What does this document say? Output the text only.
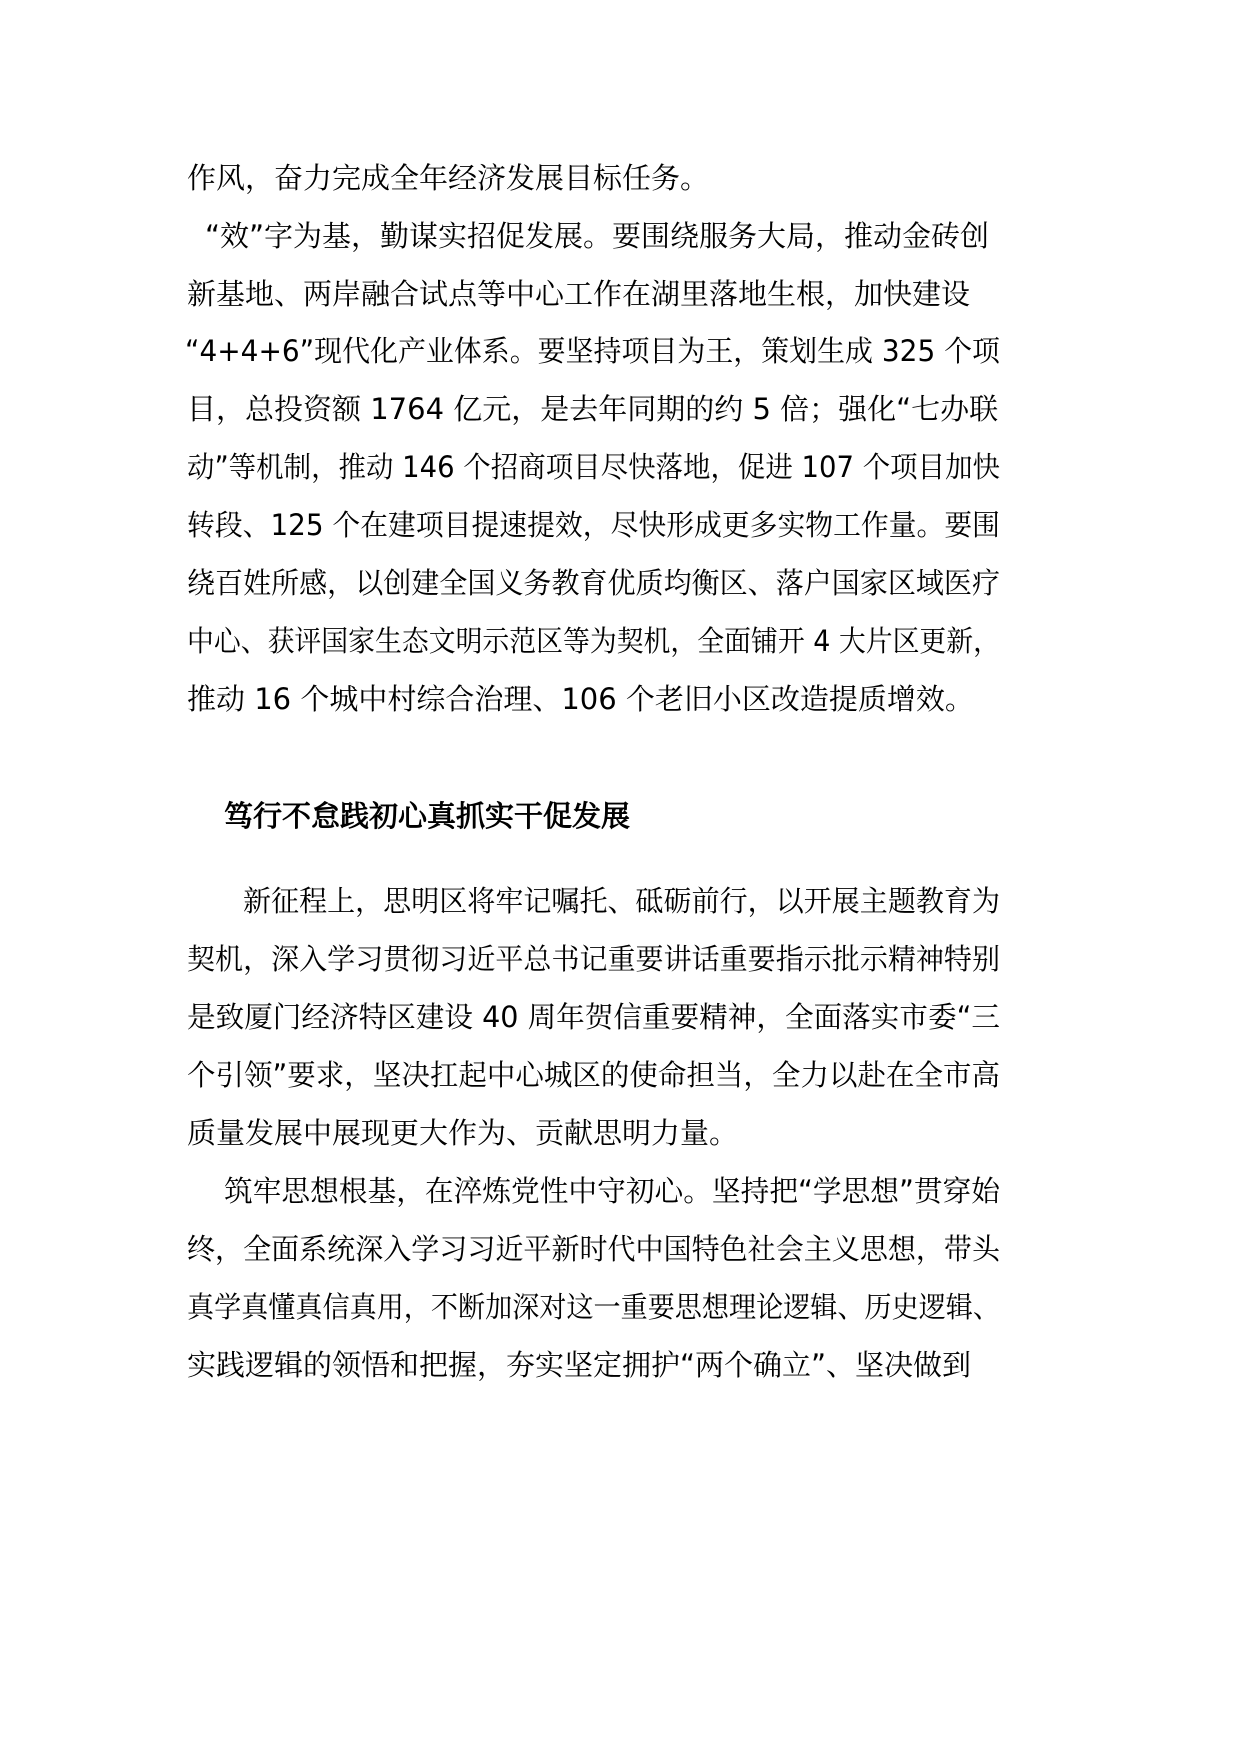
作风，奋力完成全年经济发展目标任务。

“效”字为基，勤谋实招促发展。要围绕服务大局，推动金砖创

新基地、两岸融合试点等中心工作在湖里落地生根，加快建设

“4+4+6”现代化产业体系。要坚持项目为王，策划生成 325 个项

目，总投资额 1764 亿元，是去年同期的约 5 倍；强化“七办联

动”等机制，推动 146 个招商项目尽快落地，促进 107 个项目加快

转段、125 个在建项目提速提效，尽快形成更多实物工作量。要围

绕百姓所感，以创建全国义务教育优质均衡区、落户国家区域医疗

中心、获评国家生态文明示范区等为契机，全面铺开 4 大片区更新，

推动 16 个城中村综合治理、106 个老旧小区改造提质增效。

笃行不怠践初心真抓实干促发展

新征程上，思明区将牢记嘱托、砥砺前行，以开展主题教育为

契机，深入学习贯彻习近平总书记重要讲话重要指示批示精神特别

是致厦门经济特区建设 40 周年贺信重要精神，全面落实市委“三

个引领”要求，坚决扛起中心城区的使命担当，全力以赴在全市高

质量发展中展现更大作为、贡献思明力量。

筑牢思想根基，在淬炼党性中守初心。坚持把“学思想”贯穿始

终，全面系统深入学习习近平新时代中国特色社会主义思想，带头

真学真懂真信真用，不断加深对这一重要思想理论逻辑、历史逻辑、

实践逻辑的领悟和把握，夯实坚定拥护“两个确立”、坚决做到
